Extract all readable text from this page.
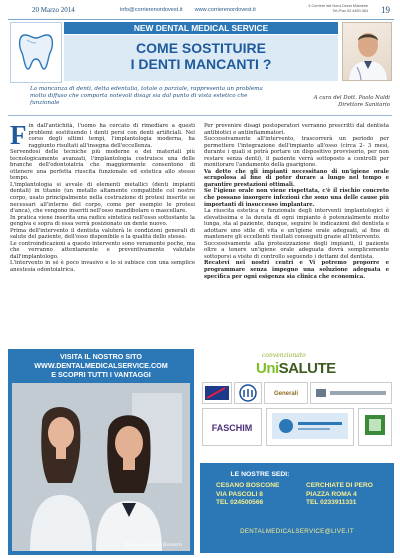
20 Marzo 2014	info@corrierenordovest.it www.corrierenordovest.it
Il Corriere del Nord-Ovest Milanese
Tel./Fax 02.4450.364 19
NEW DENTAL MEDICAL SERVICE
COME SOSTITUIRE
I DENTI MANCANTI ?
La mancanza di denti, detta edentulia, totale o parziale, rappresenta un problema molto diffuso che comporta notevoli disagi sia dal punto di vista estetico che funzionale
A cura del Dott. Paolo Naldi
Direttore Sanitario

Fin dall'antichità, l'uomo ha cercato di rimediare a questi problemi sostituendo i denti persi con denti artificiali. Nel corso degli ultimi tempi, l'implantologia moderna, ha raggiunto risultati all'insegna dell'eccellenza.

Servendosi delle tecniche più moderne e dei materiali più tecnologicamente avanzati, l'implantologia costruisce una delle branche dell'odontoiatria che maggiormente consentono di ottenere una perfetta riuscita funzionale ed estetica allo stesso tempo.

L'implantologia si avvale di elementi metallici (denti impianti dentali) in titanio (un metallo altamente compatibile col nostro corpo, usato principalmente nella costruzione di protesi inserite se necessari all'interno del corpo, come per esempio le protesi d'anca), che vengono inseriti nell'osso mandibolare o mascellare.

In pratica viene inserita una radice sintetica nell'osso sottostante la gengiva e sopra di essa verrà posizionato un dente nuovo.

Prima dell'intervento il dentista valuterà le condizioni generali di salute del paziente, dell'osso disponibile e la qualità dello stesso.

Le controindicazioni a questo intervento sono veramente poche, ma che verranno attentamente e preventivamente valutate dall'implantologo.

L'intervento in sé è poco invasivo e lo si subisce con una semplice anestesia odontoiatrica.

Per prevenire disagi postoperatori verranno prescritti dal dentista antibiotici e antiinfiammatori.

Successivamente all'intervento, trascorrerà un periodo per permettere l'integrazione dell'impianto all'osso (circa 2- 3 mesi, durante i quali si potrà portare un dispositivo provvisorio, per non restare senza denti), il paziente verrà sottoposto a controlli per monitorare l'andamento della guarigione.

Va detto che gli impianti necessitano di un'igiene orale scrupolosa al fine di poter durare a lungo nel tempo e garantire prestazioni ottimali.

Se l'igiene orale non viene rispettata, c'è il rischio concreto che possano insorgere infezioni che sono una delle cause più importanti di insuccesso implantare.

La riuscita estetica e funzionale degli interventi implantologici è elevatissima e la durata di ogni impianto è potenzialmente molto lunga, sta al paziente, dunque, seguire le indicazioni del dentista e adottare uno stile di vita e un'igiene orale adeguati, al fine di mantenere gli eccellenti risultati conseguiti grazie all'intervento.

Successivamente alla protesizzazione degli impianti, il paziente oltre a tenere un'igiene orale adeguata dovrà semplicemente sottoporsi a visite di controllo seguendo i dettami del dentista.

Recatevi nei nostri centri e Vi potremo proporre e programmare senza impegno una soluzione adeguata e specifica per ogni esigenza sia clinica che economica.

VISITA IL NOSTRO SITO
WWW.DENTALMEDICALSERVICE.COM
E SCOPRI TUTTI I VANTAGGI
Rachel e Maite Romero
convenzionato
UniSALUTE
Generali
FASCHIM
LE NOSTRE SEDI:
CESANO BOSCONE
VIA PASCOLI 8
TEL 024500566
CERCHIATE DI PERO
PIAZZA ROMA 4
TEL 0233911331
DENTALMEDICALSERVICE@LIVE.IT
